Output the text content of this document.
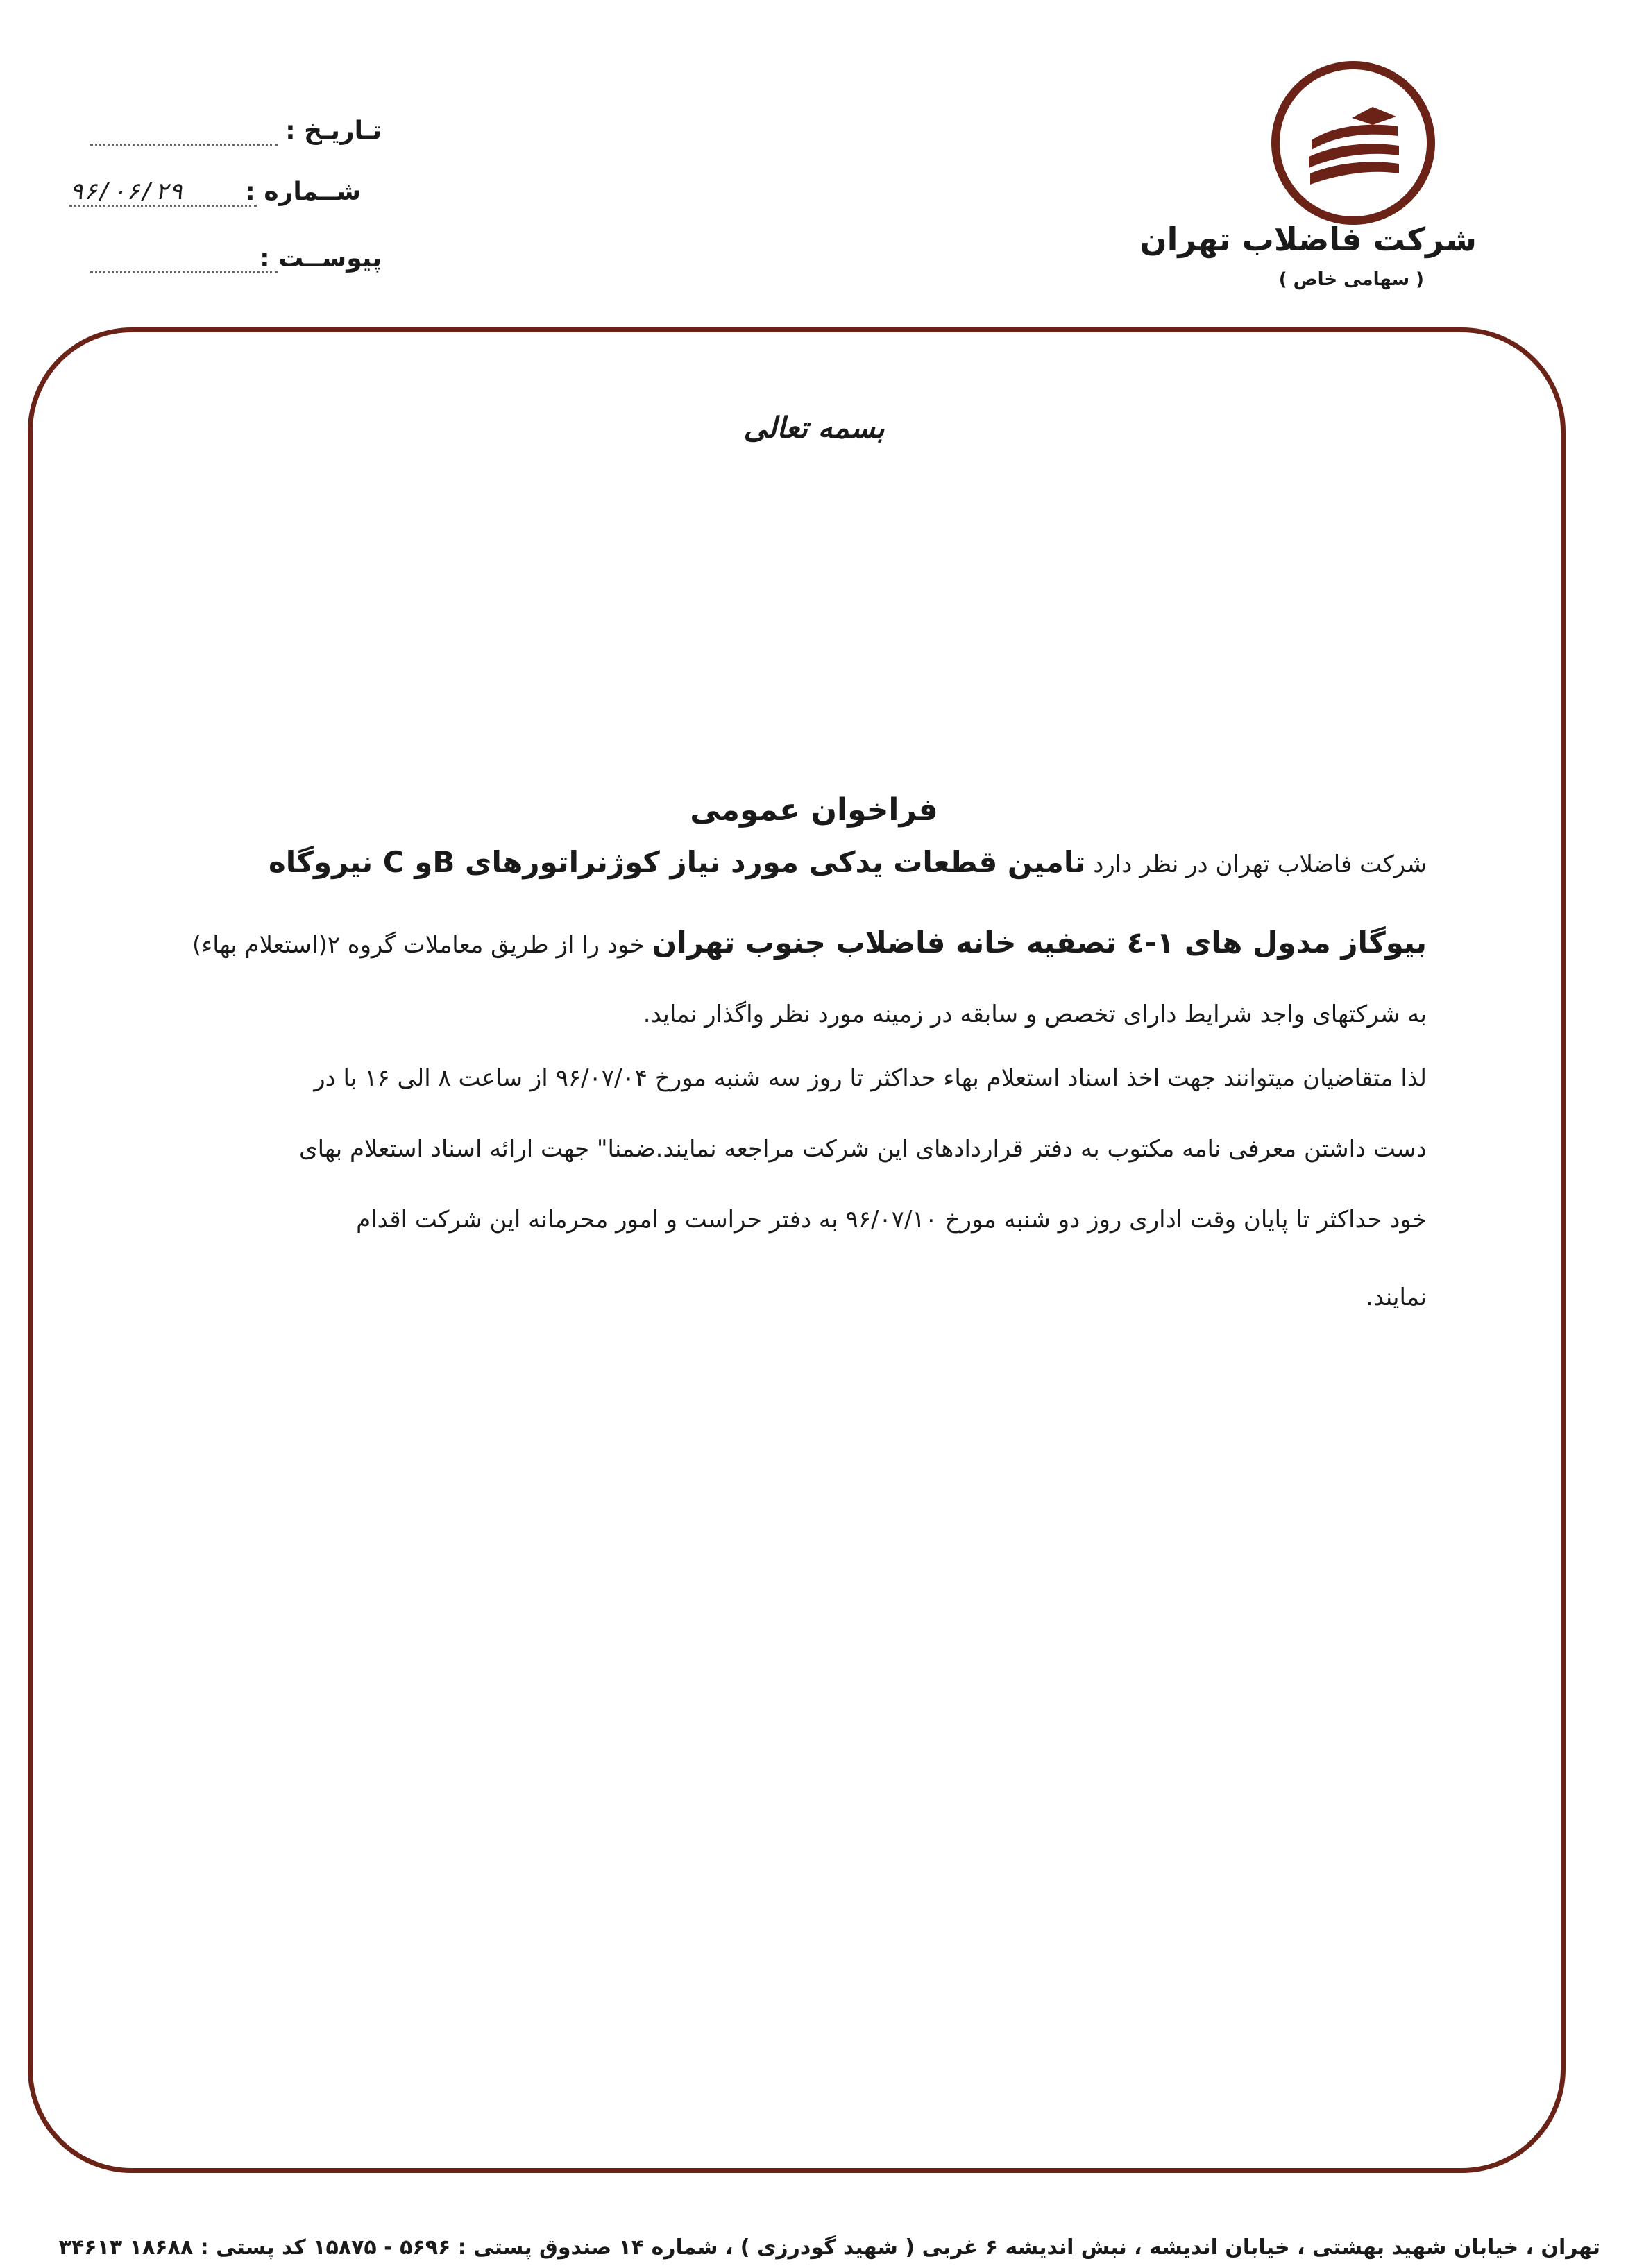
شرکت فاضلاب تهران
( سهامی خاص )
تـاریـخ :
شــماره :
۹۶/۰۶/۲۹
پیوســت :
بسمه تعالی
فراخوان عمومی
شرکت فاضلاب تهران در نظر دارد تامین قطعات یدکی مورد نیاز کوژنراتورهای Bو C نیروگاه
بیوگاز مدول های ۱-٤ تصفیه خانه فاضلاب جنوب تهران خود را از طریق معاملات گروه ۲(استعلام بهاء)
به شرکتهای واجد شرایط دارای تخصص و سابقه در زمینه مورد نظر واگذار نماید.
لذا متقاضیان میتوانند جهت اخذ اسناد استعلام بهاء حداکثر تا روز سه شنبه مورخ ۹۶/۰۷/۰۴ از ساعت ۸ الی ۱۶ با در
دست داشتن معرفی نامه مکتوب به دفتر قراردادهای این شرکت مراجعه نمایند.ضمنا" جهت ارائه اسناد استعلام بهای
خود حداکثر تا پایان وقت اداری روز دو شنبه مورخ ۹۶/۰۷/۱۰ به دفتر حراست و امور محرمانه این شرکت اقدام
نمایند.
تهران ، خیابان شهید بهشتی ، خیابان اندیشه ، نبش اندیشه ۶ غربی ( شهید گودرزی ) ، شماره ۱۴ صندوق پستی : ۵۶۹۶ - ۱۵۸۷۵ کد پستی : ۱۸۶۸۸ ۳۴۶۱۳
